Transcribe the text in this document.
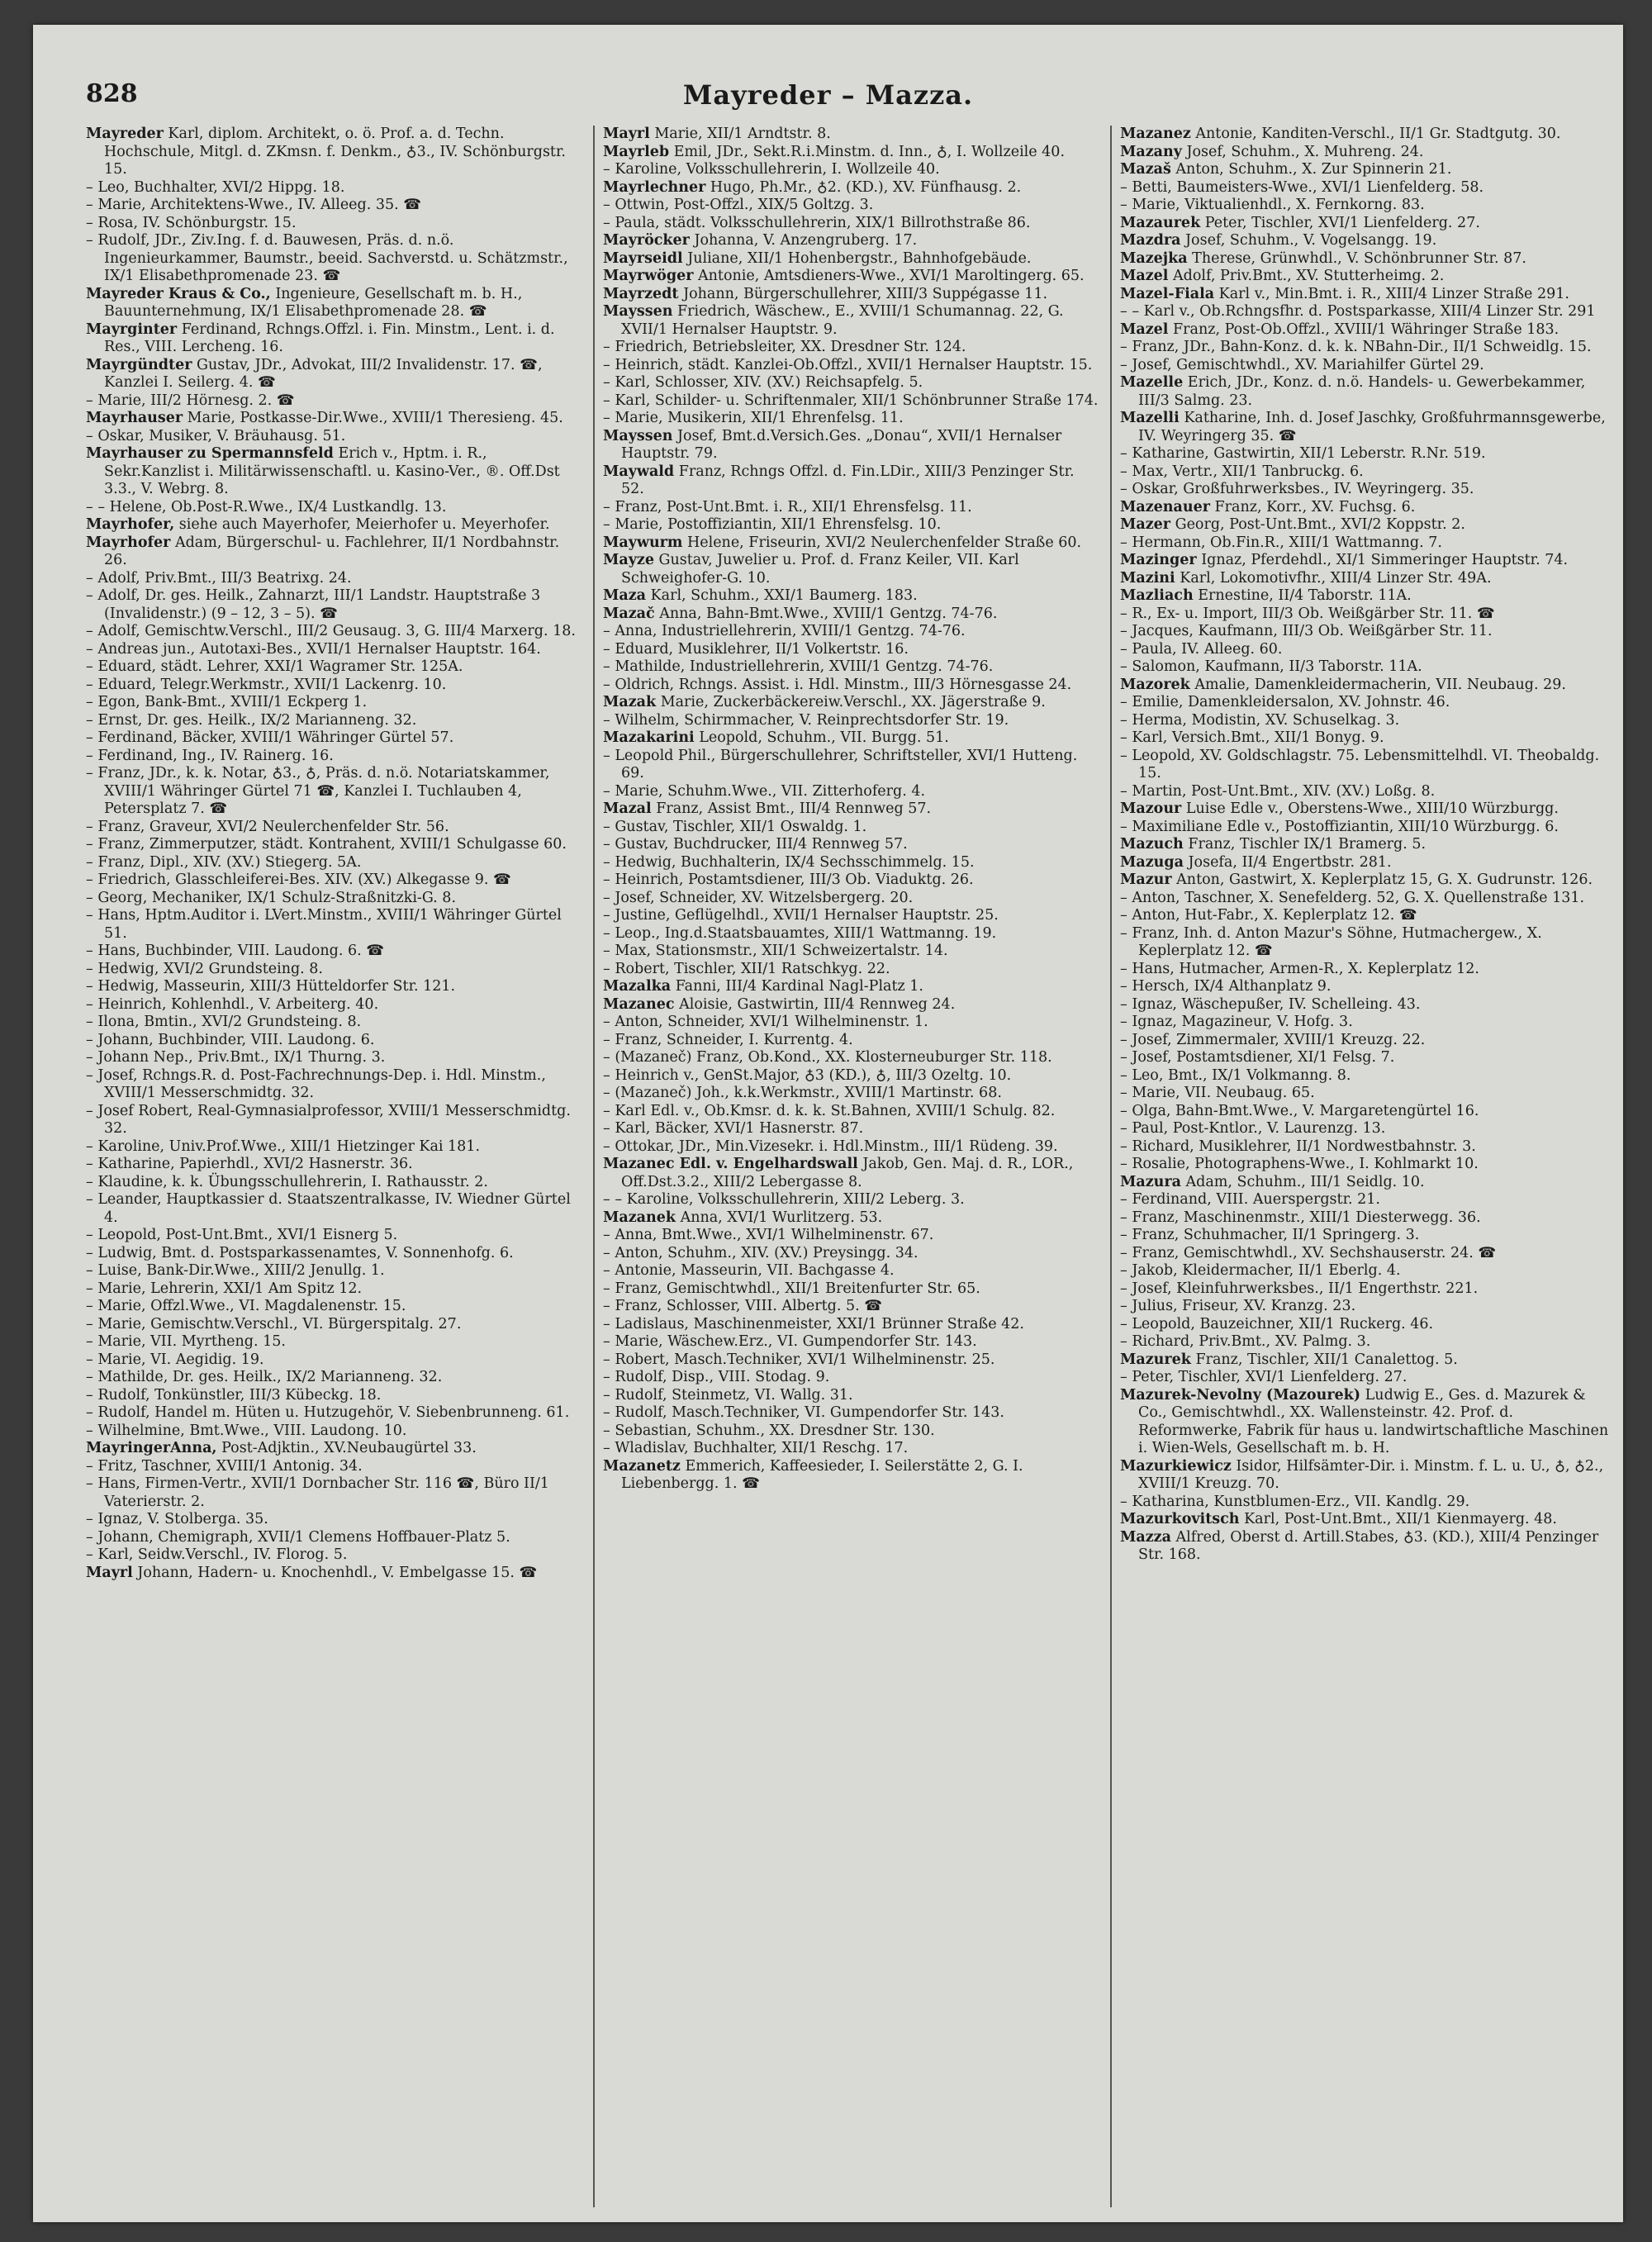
828	Mayreder – Mazza.

Mayreder Karl, diplom. Architekt, o. ö. Prof. a. d. Techn. Hochschule, Mitgl. d. ZKmsn. f. Denkm., ♁3., IV. Schönburgstr. 15.

– Leo, Buchhalter, XVI/2 Hippg. 18.

– Marie, Architektens-Wwe., IV. Alleeg. 35. ☎

– Rosa, IV. Schönburgstr. 15.

– Rudolf, JDr., Ziv.Ing. f. d. Bauwesen, Präs. d. n.ö. Ingenieurkammer, Baumstr., beeid. Sachverstd. u. Schätzmstr., IX/1 Elisabethpromenade 23. ☎

Mayreder Kraus & Co., Ingenieure, Gesellschaft m. b. H., Bauunternehmung, IX/1 Elisabethpromenade 28. ☎

Mayrginter Ferdinand, Rchngs.Offzl. i. Fin. Minstm., Lent. i. d. Res., VIII. Lercheng. 16.

Mayrgündter Gustav, JDr., Advokat, III/2 Invalidenstr. 17. ☎, Kanzlei I. Seilerg. 4. ☎

– Marie, III/2 Hörnesg. 2. ☎

Mayrhauser Marie, Postkasse-Dir.Wwe., XVIII/1 Theresieng. 45.

– Oskar, Musiker, V. Bräuhausg. 51.

Mayrhauser zu Spermannsfeld Erich v., Hptm. i. R., Sekr.Kanzlist i. Militärwissenschaftl. u. Kasino-Ver., ®. Off.Dst 3.3., V. Webrg. 8.

– – Helene, Ob.Post-R.Wwe., IX/4 Lustkandlg. 13.

Mayrhofer, siehe auch Mayerhofer, Meierhofer u. Meyerhofer.

Mayrhofer Adam, Bürgerschul- u. Fachlehrer, II/1 Nordbahnstr. 26.

– Adolf, Priv.Bmt., III/3 Beatrixg. 24.

– Adolf, Dr. ges. Heilk., Zahnarzt, III/1 Landstr. Hauptstraße 3 (Invalidenstr.) (9 – 12, 3 – 5). ☎

– Adolf, Gemischtw.Verschl., III/2 Geusaug. 3, G. III/4 Marxerg. 18.

– Andreas jun., Autotaxi-Bes., XVII/1 Hernalser Hauptstr. 164.

– Eduard, städt. Lehrer, XXI/1 Wagramer Str. 125A.

– Eduard, Telegr.Werkmstr., XVII/1 Lackenrg. 10.

– Egon, Bank-Bmt., XVIII/1 Eckperg 1.

– Ernst, Dr. ges. Heilk., IX/2 Marianneng. 32.

– Ferdinand, Bäcker, XVIII/1 Währinger Gürtel 57.

– Ferdinand, Ing., IV. Rainerg. 16.

– Franz, JDr., k. k. Notar, ♁3., ♁, Präs. d. n.ö. Notariatskammer, XVIII/1 Währinger Gürtel 71 ☎, Kanzlei I. Tuchlauben 4, Petersplatz 7. ☎

– Franz, Graveur, XVI/2 Neulerchenfelder Str. 56.

– Franz, Zimmerputzer, städt. Kontrahent, XVIII/1 Schulgasse 60.

– Franz, Dipl., XIV. (XV.) Stiegerg. 5A.

– Friedrich, Glasschleiferei-Bes. XIV. (XV.) Alkegasse 9. ☎

– Georg, Mechaniker, IX/1 Schulz-Straßnitzki-G. 8.

– Hans, Hptm.Auditor i. LVert.Minstm., XVIII/1 Währinger Gürtel 51.

– Hans, Buchbinder, VIII. Laudong. 6. ☎

– Hedwig, XVI/2 Grundsteing. 8.

– Hedwig, Masseurin, XIII/3 Hütteldorfer Str. 121.

– Heinrich, Kohlenhdl., V. Arbeiterg. 40.

– Ilona, Bmtin., XVI/2 Grundsteing. 8.

– Johann, Buchbinder, VIII. Laudong. 6.

– Johann Nep., Priv.Bmt., IX/1 Thurng. 3.

– Josef, Rchngs.R. d. Post-Fachrechnungs-Dep. i. Hdl. Minstm., XVIII/1 Messerschmidtg. 32.

– Josef Robert, Real-Gymnasialprofessor, XVIII/1 Messerschmidtg. 32.

– Karoline, Univ.Prof.Wwe., XIII/1 Hietzinger Kai 181.

– Katharine, Papierhdl., XVI/2 Hasnerstr. 36.

– Klaudine, k. k. Übungsschullehrerin, I. Rathausstr. 2.

– Leander, Hauptkassier d. Staatszentralkasse, IV. Wiedner Gürtel 4.

– Leopold, Post-Unt.Bmt., XVI/1 Eisnerg 5.

– Ludwig, Bmt. d. Postsparkassenamtes, V. Sonnenhofg. 6.

– Luise, Bank-Dir.Wwe., XIII/2 Jenullg. 1.

– Marie, Lehrerin, XXI/1 Am Spitz 12.

– Marie, Offzl.Wwe., VI. Magdalenenstr. 15.

– Marie, Gemischtw.Verschl., VI. Bürgerspitalg. 27.

– Marie, VII. Myrtheng. 15.

– Marie, VI. Aegidig. 19.

– Mathilde, Dr. ges. Heilk., IX/2 Marianneng. 32.

– Rudolf, Tonkünstler, III/3 Kübeckg. 18.

– Rudolf, Handel m. Hüten u. Hutzugehör, V. Siebenbrunneng. 61.

– Wilhelmine, Bmt.Wwe., VIII. Laudong. 10.

MayringerAnna, Post-Adjktin., XV.Neubaugürtel 33.

– Fritz, Taschner, XVIII/1 Antonig. 34.

– Hans, Firmen-Vertr., XVII/1 Dornbacher Str. 116 ☎, Büro II/1 Vaterierstr. 2.

– Ignaz, V. Stolberga. 35.

– Johann, Chemigraph, XVII/1 Clemens Hoffbauer-Platz 5.

– Karl, Seidw.Verschl., IV. Florog. 5.

Mayrl Johann, Hadern- u. Knochenhdl., V. Embelgasse 15. ☎

Mayrl Marie, XII/1 Arndtstr. 8.

Mayrleb Emil, JDr., Sekt.R.i.Minstm. d. Inn., ♁, I. Wollzeile 40.

– Karoline, Volksschullehrerin, I. Wollzeile 40.

Mayrlechner Hugo, Ph.Mr., ♁2. (KD.), XV. Fünfhausg. 2.

– Ottwin, Post-Offzl., XIX/5 Goltzg. 3.

– Paula, städt. Volksschullehrerin, XIX/1 Billrothstraße 86.

Mayröcker Johanna, V. Anzengruberg. 17.

Mayrseidl Juliane, XII/1 Hohenbergstr., Bahnhofgebäude.

Mayrwöger Antonie, Amtsdieners-Wwe., XVI/1 Maroltingerg. 65.

Mayrzedt Johann, Bürgerschullehrer, XIII/3 Suppégasse 11.

Mayssen Friedrich, Wäschew., E., XVIII/1 Schumannag. 22, G. XVII/1 Hernalser Hauptstr. 9.

– Friedrich, Betriebsleiter, XX. Dresdner Str. 124.

– Heinrich, städt. Kanzlei-Ob.Offzl., XVII/1 Hernalser Hauptstr. 15.

– Karl, Schlosser, XIV. (XV.) Reichsapfelg. 5.

– Karl, Schilder- u. Schriftenmaler, XII/1 Schönbrunner Straße 174.

– Marie, Musikerin, XII/1 Ehrenfelsg. 11.

Mayssen Josef, Bmt.d.Versich.Ges. „Donau“, XVII/1 Hernalser Hauptstr. 79.

Maywald Franz, Rchngs Offzl. d. Fin.LDir., XIII/3 Penzinger Str. 52.

– Franz, Post-Unt.Bmt. i. R., XII/1 Ehrensfelsg. 11.

– Marie, Postoffiziantin, XII/1 Ehrensfelsg. 10.

Maywurm Helene, Friseurin, XVI/2 Neulerchenfelder Straße 60.

Mayze Gustav, Juwelier u. Prof. d. Franz Keiler, VII. Karl Schweighofer-G. 10.

Maza Karl, Schuhm., XXI/1 Baumerg. 183.

Mazač Anna, Bahn-Bmt.Wwe., XVIII/1 Gentzg. 74-76.

– Anna, Industriellehrerin, XVIII/1 Gentzg. 74-76.

– Eduard, Musiklehrer, II/1 Volkertstr. 16.

– Mathilde, Industriellehrerin, XVIII/1 Gentzg. 74-76.

– Oldrich, Rchngs. Assist. i. Hdl. Minstm., III/3 Hörnesgasse 24.

Mazak Marie, Zuckerbäckereiw.Verschl., XX. Jägerstraße 9.

– Wilhelm, Schirmmacher, V. Reinprechtsdorfer Str. 19.

Mazakarini Leopold, Schuhm., VII. Burgg. 51.

– Leopold Phil., Bürgerschullehrer, Schriftsteller, XVI/1 Hutteng. 69.

– Marie, Schuhm.Wwe., VII. Zitterhoferg. 4.

Mazal Franz, Assist Bmt., III/4 Rennweg 57.

– Gustav, Tischler, XII/1 Oswaldg. 1.

– Gustav, Buchdrucker, III/4 Rennweg 57.

– Hedwig, Buchhalterin, IX/4 Sechsschimmelg. 15.

– Heinrich, Postamtsdiener, III/3 Ob. Viaduktg. 26.

– Josef, Schneider, XV. Witzelsbergerg. 20.

– Justine, Geflügelhdl., XVII/1 Hernalser Hauptstr. 25.

– Leop., Ing.d.Staatsbauamtes, XIII/1 Wattmanng. 19.

– Max, Stationsmstr., XII/1 Schweizertalstr. 14.

– Robert, Tischler, XII/1 Ratschkyg. 22.

Mazalka Fanni, III/4 Kardinal Nagl-Platz 1.

Mazanec Aloisie, Gastwirtin, III/4 Rennweg 24.

– Anton, Schneider, XVI/1 Wilhelminenstr. 1.

– Franz, Schneider, I. Kurrentg. 4.

– (Mazaneč) Franz, Ob.Kond., XX. Klosterneuburger Str. 118.

– Heinrich v., GenSt.Major, ♁3 (KD.), ♁, III/3 Ozeltg. 10.

– (Mazaneč) Joh., k.k.Werkmstr., XVIII/1 Martinstr. 68.

– Karl Edl. v., Ob.Kmsr. d. k. k. St.Bahnen, XVIII/1 Schulg. 82.

– Karl, Bäcker, XVI/1 Hasnerstr. 87.

– Ottokar, JDr., Min.Vizesekr. i. Hdl.Minstm., III/1 Rüdeng. 39.

Mazanec Edl. v. Engelhardswall Jakob, Gen. Maj. d. R., LOR., Off.Dst.3.2., XIII/2 Lebergasse 8.

– – Karoline, Volksschullehrerin, XIII/2 Leberg. 3.

Mazanek Anna, XVI/1 Wurlitzerg. 53.

– Anna, Bmt.Wwe., XVI/1 Wilhelminenstr. 67.

– Anton, Schuhm., XIV. (XV.) Preysingg. 34.

– Antonie, Masseurin, VII. Bachgasse 4.

– Franz, Gemischtwhdl., XII/1 Breitenfurter Str. 65.

– Franz, Schlosser, VIII. Albertg. 5. ☎

– Ladislaus, Maschinenmeister, XXI/1 Brünner Straße 42.

– Marie, Wäschew.Erz., VI. Gumpendorfer Str. 143.

– Robert, Masch.Techniker, XVI/1 Wilhelminenstr. 25.

– Rudolf, Disp., VIII. Stodag. 9.

– Rudolf, Steinmetz, VI. Wallg. 31.

– Rudolf, Masch.Techniker, VI. Gumpendorfer Str. 143.

– Sebastian, Schuhm., XX. Dresdner Str. 130.

– Wladislav, Buchhalter, XII/1 Reschg. 17.

Mazanetz Emmerich, Kaffeesieder, I. Seilerstätte 2, G. I. Liebenbergg. 1. ☎

Mazanez Antonie, Kanditen-Verschl., II/1 Gr. Stadtgutg. 30.

Mazany Josef, Schuhm., X. Muhreng. 24.

Mazaš Anton, Schuhm., X. Zur Spinnerin 21.

– Betti, Baumeisters-Wwe., XVI/1 Lienfelderg. 58.

– Marie, Viktualienhdl., X. Fernkorng. 83.

Mazaurek Peter, Tischler, XVI/1 Lienfelderg. 27.

Mazdra Josef, Schuhm., V. Vogelsangg. 19.

Mazejka Therese, Grünwhdl., V. Schönbrunner Str. 87.

Mazel Adolf, Priv.Bmt., XV. Stutterheimg. 2.

Mazel-Fiala Karl v., Min.Bmt. i. R., XIII/4 Linzer Straße 291.

– – Karl v., Ob.Rchngsfhr. d. Postsparkasse, XIII/4 Linzer Str. 291

Mazel Franz, Post-Ob.Offzl., XVIII/1 Währinger Straße 183.

– Franz, JDr., Bahn-Konz. d. k. k. NBahn-Dir., II/1 Schweidlg. 15.

– Josef, Gemischtwhdl., XV. Mariahilfer Gürtel 29.

Mazelle Erich, JDr., Konz. d. n.ö. Handels- u. Gewerbekammer, III/3 Salmg. 23.

Mazelli Katharine, Inh. d. Josef Jaschky, Großfuhrmannsgewerbe, IV. Weyringerg 35. ☎

– Katharine, Gastwirtin, XII/1 Leberstr. R.Nr. 519.

– Max, Vertr., XII/1 Tanbruckg. 6.

– Oskar, Großfuhrwerksbes., IV. Weyringerg. 35.

Mazenauer Franz, Korr., XV. Fuchsg. 6.

Mazer Georg, Post-Unt.Bmt., XVI/2 Koppstr. 2.

– Hermann, Ob.Fin.R., XIII/1 Wattmanng. 7.

Mazinger Ignaz, Pferdehdl., XI/1 Simmeringer Hauptstr. 74.

Mazini Karl, Lokomotivfhr., XIII/4 Linzer Str. 49A.

Mazliach Ernestine, II/4 Taborstr. 11A.

– R., Ex- u. Import, III/3 Ob. Weißgärber Str. 11. ☎

– Jacques, Kaufmann, III/3 Ob. Weißgärber Str. 11.

– Paula, IV. Alleeg. 60.

– Salomon, Kaufmann, II/3 Taborstr. 11A.

Mazorek Amalie, Damenkleidermacherin, VII. Neubaug. 29.

– Emilie, Damenkleidersalon, XV. Johnstr. 46.

– Herma, Modistin, XV. Schuselkag. 3.

– Karl, Versich.Bmt., XII/1 Bonyg. 9.

– Leopold, XV. Goldschlagstr. 75. Lebensmittelhdl. VI. Theobaldg. 15.

– Martin, Post-Unt.Bmt., XIV. (XV.) Loßg. 8.

Mazour Luise Edle v., Oberstens-Wwe., XIII/10 Würzburgg.

– Maximiliane Edle v., Postoffiziantin, XIII/10 Würzburgg. 6.

Mazuch Franz, Tischler IX/1 Bramerg. 5.

Mazuga Josefa, II/4 Engertbstr. 281.

Mazur Anton, Gastwirt, X. Keplerplatz 15, G. X. Gudrunstr. 126.

– Anton, Taschner, X. Senefelderg. 52, G. X. Quellenstraße 131.

– Anton, Hut-Fabr., X. Keplerplatz 12. ☎

– Franz, Inh. d. Anton Mazur's Söhne, Hutmachergew., X. Keplerplatz 12. ☎

– Hans, Hutmacher, Armen-R., X. Keplerplatz 12.

– Hersch, IX/4 Althanplatz 9.

– Ignaz, Wäschepußer, IV. Schelleing. 43.

– Ignaz, Magazineur, V. Hofg. 3.

– Josef, Zimmermaler, XVIII/1 Kreuzg. 22.

– Josef, Postamtsdiener, XI/1 Felsg. 7.

– Leo, Bmt., IX/1 Volkmanng. 8.

– Marie, VII. Neubaug. 65.

– Olga, Bahn-Bmt.Wwe., V. Margaretengürtel 16.

– Paul, Post-Kntlor., V. Laurenzg. 13.

– Richard, Musiklehrer, II/1 Nordwestbahnstr. 3.

– Rosalie, Photographens-Wwe., I. Kohlmarkt 10.

Mazura Adam, Schuhm., III/1 Seidlg. 10.

– Ferdinand, VIII. Auerspergstr. 21.

– Franz, Maschinenmstr., XIII/1 Diesterwegg. 36.

– Franz, Schuhmacher, II/1 Springerg. 3.

– Franz, Gemischtwhdl., XV. Sechshauserstr. 24. ☎

– Jakob, Kleidermacher, II/1 Eberlg. 4.

– Josef, Kleinfuhrwerksbes., II/1 Engerthstr. 221.

– Julius, Friseur, XV. Kranzg. 23.

– Leopold, Bauzeichner, XII/1 Ruckerg. 46.

– Richard, Priv.Bmt., XV. Palmg. 3.

Mazurek Franz, Tischler, XII/1 Canalettog. 5.

– Peter, Tischler, XVI/1 Lienfelderg. 27.

Mazurek-Nevolny (Mazourek) Ludwig E., Ges. d. Mazurek & Co., Gemischtwhdl., XX. Wallensteinstr. 42. Prof. d. Reformwerke, Fabrik für haus u. landwirtschaftliche Maschinen i. Wien-Wels, Gesellschaft m. b. H.

Mazurkiewicz Isidor, Hilfsämter-Dir. i. Minstm. f. L. u. U., ♁, ♁2., XVIII/1 Kreuzg. 70.

– Katharina, Kunstblumen-Erz., VII. Kandlg. 29.

Mazurkovitsch Karl, Post-Unt.Bmt., XII/1 Kienmayerg. 48.

Mazza Alfred, Oberst d. Artill.Stabes, ♁3. (KD.), XIII/4 Penzinger Str. 168.
